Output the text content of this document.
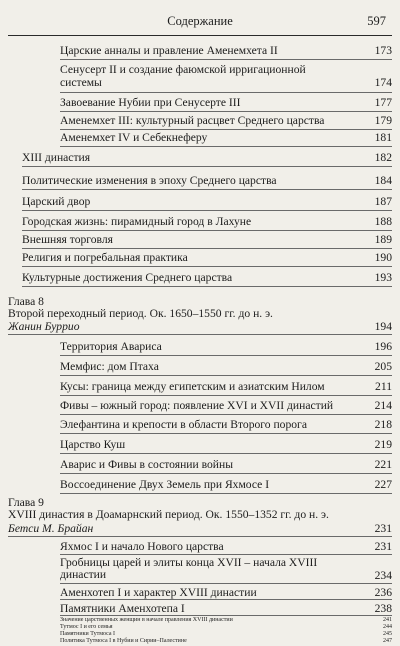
Содержание	597
Царские анналы и правление Аменемхета II	173
Сенусерт II и создание фаюмской ирригационной системы	174
Завоевание Нубии при Сенусерте III	177
Аменемхет III: культурный расцвет Среднего царства	179
Аменемхет IV и Себекнеферу	181
XIII династия	182
Политические изменения в эпоху Среднего царства	184
Царский двор	187
Городская жизнь: пирамидный город в Лахуне	188
Внешняя торговля	189
Религия и погребальная практика	190
Культурные достижения Среднего царства	193
Глава 8
Второй переходный период. Ок. 1650–1550 гг. до н. э.
Жанин Буррио	194
Территория Авариса	196
Мемфис: дом Птаха	205
Кусы: граница между египетским и азиатским Нилом	211
Фивы – южный город: появление XVI и XVII династий	214
Элефантина и крепости в области Второго порога	218
Царство Куш	219
Аварис и Фивы в состоянии войны	221
Воссоединение Двух Земель при Яхмосе I	227
Глава 9
XVIII династия в Доамарнский период. Ок. 1550–1352 гг. до н. э.
Бетси М. Брайан	231
Яхмос I и начало Нового царства	231
Гробницы царей и элиты конца XVII – начала XVIII династии	234
Аменхотеп I и характер XVIII династии	236
Памятники Аменхотепа I	238
Значение царственных женщин в начале правления XVIII династии	241
Тутмос I и его семья	244
Памятники Тутмоса I	245
Политика Тутмоса I в Нубии и Сирии–Палестине	247
